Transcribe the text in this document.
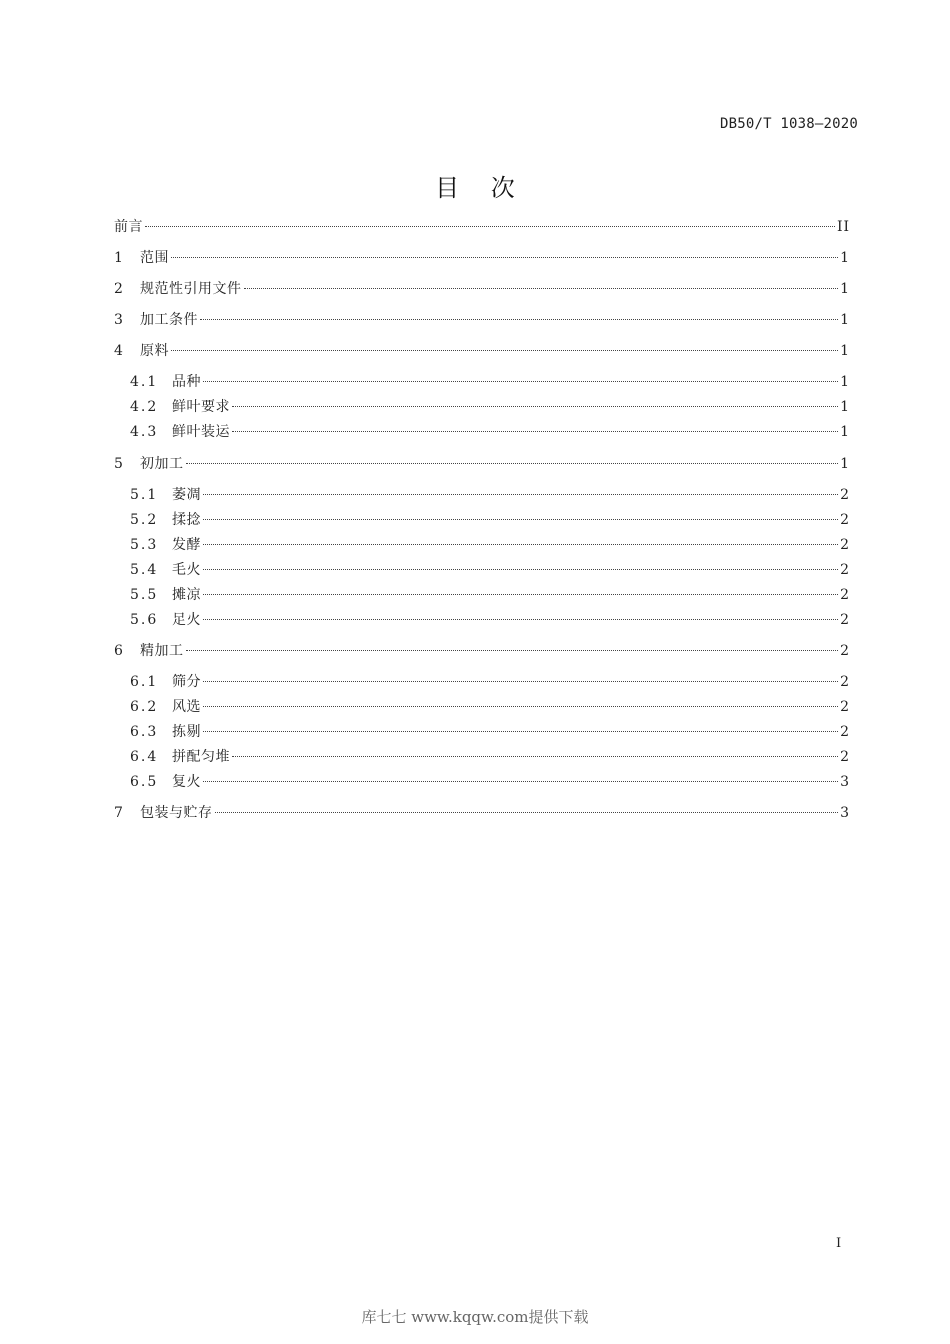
DB50/T 1038—2020
目 次
前言	II
1	范围	1
2	规范性引用文件	1
3	加工条件	1
4	原料	1
4.1 品种	1
4.2 鲜叶要求	1
4.3 鲜叶装运	1
5	初加工	1
5.1 萎凋	2
5.2 揉捻	2
5.3 发酵	2
5.4 毛火	2
5.5 摊凉	2
5.6 足火	2
6	精加工	2
6.1 筛分	2
6.2 风选	2
6.3 拣剔	2
6.4 拼配匀堆	2
6.5 复火	3
7	包装与贮存	3
I
库七七 www.kqqw.com提供下载
